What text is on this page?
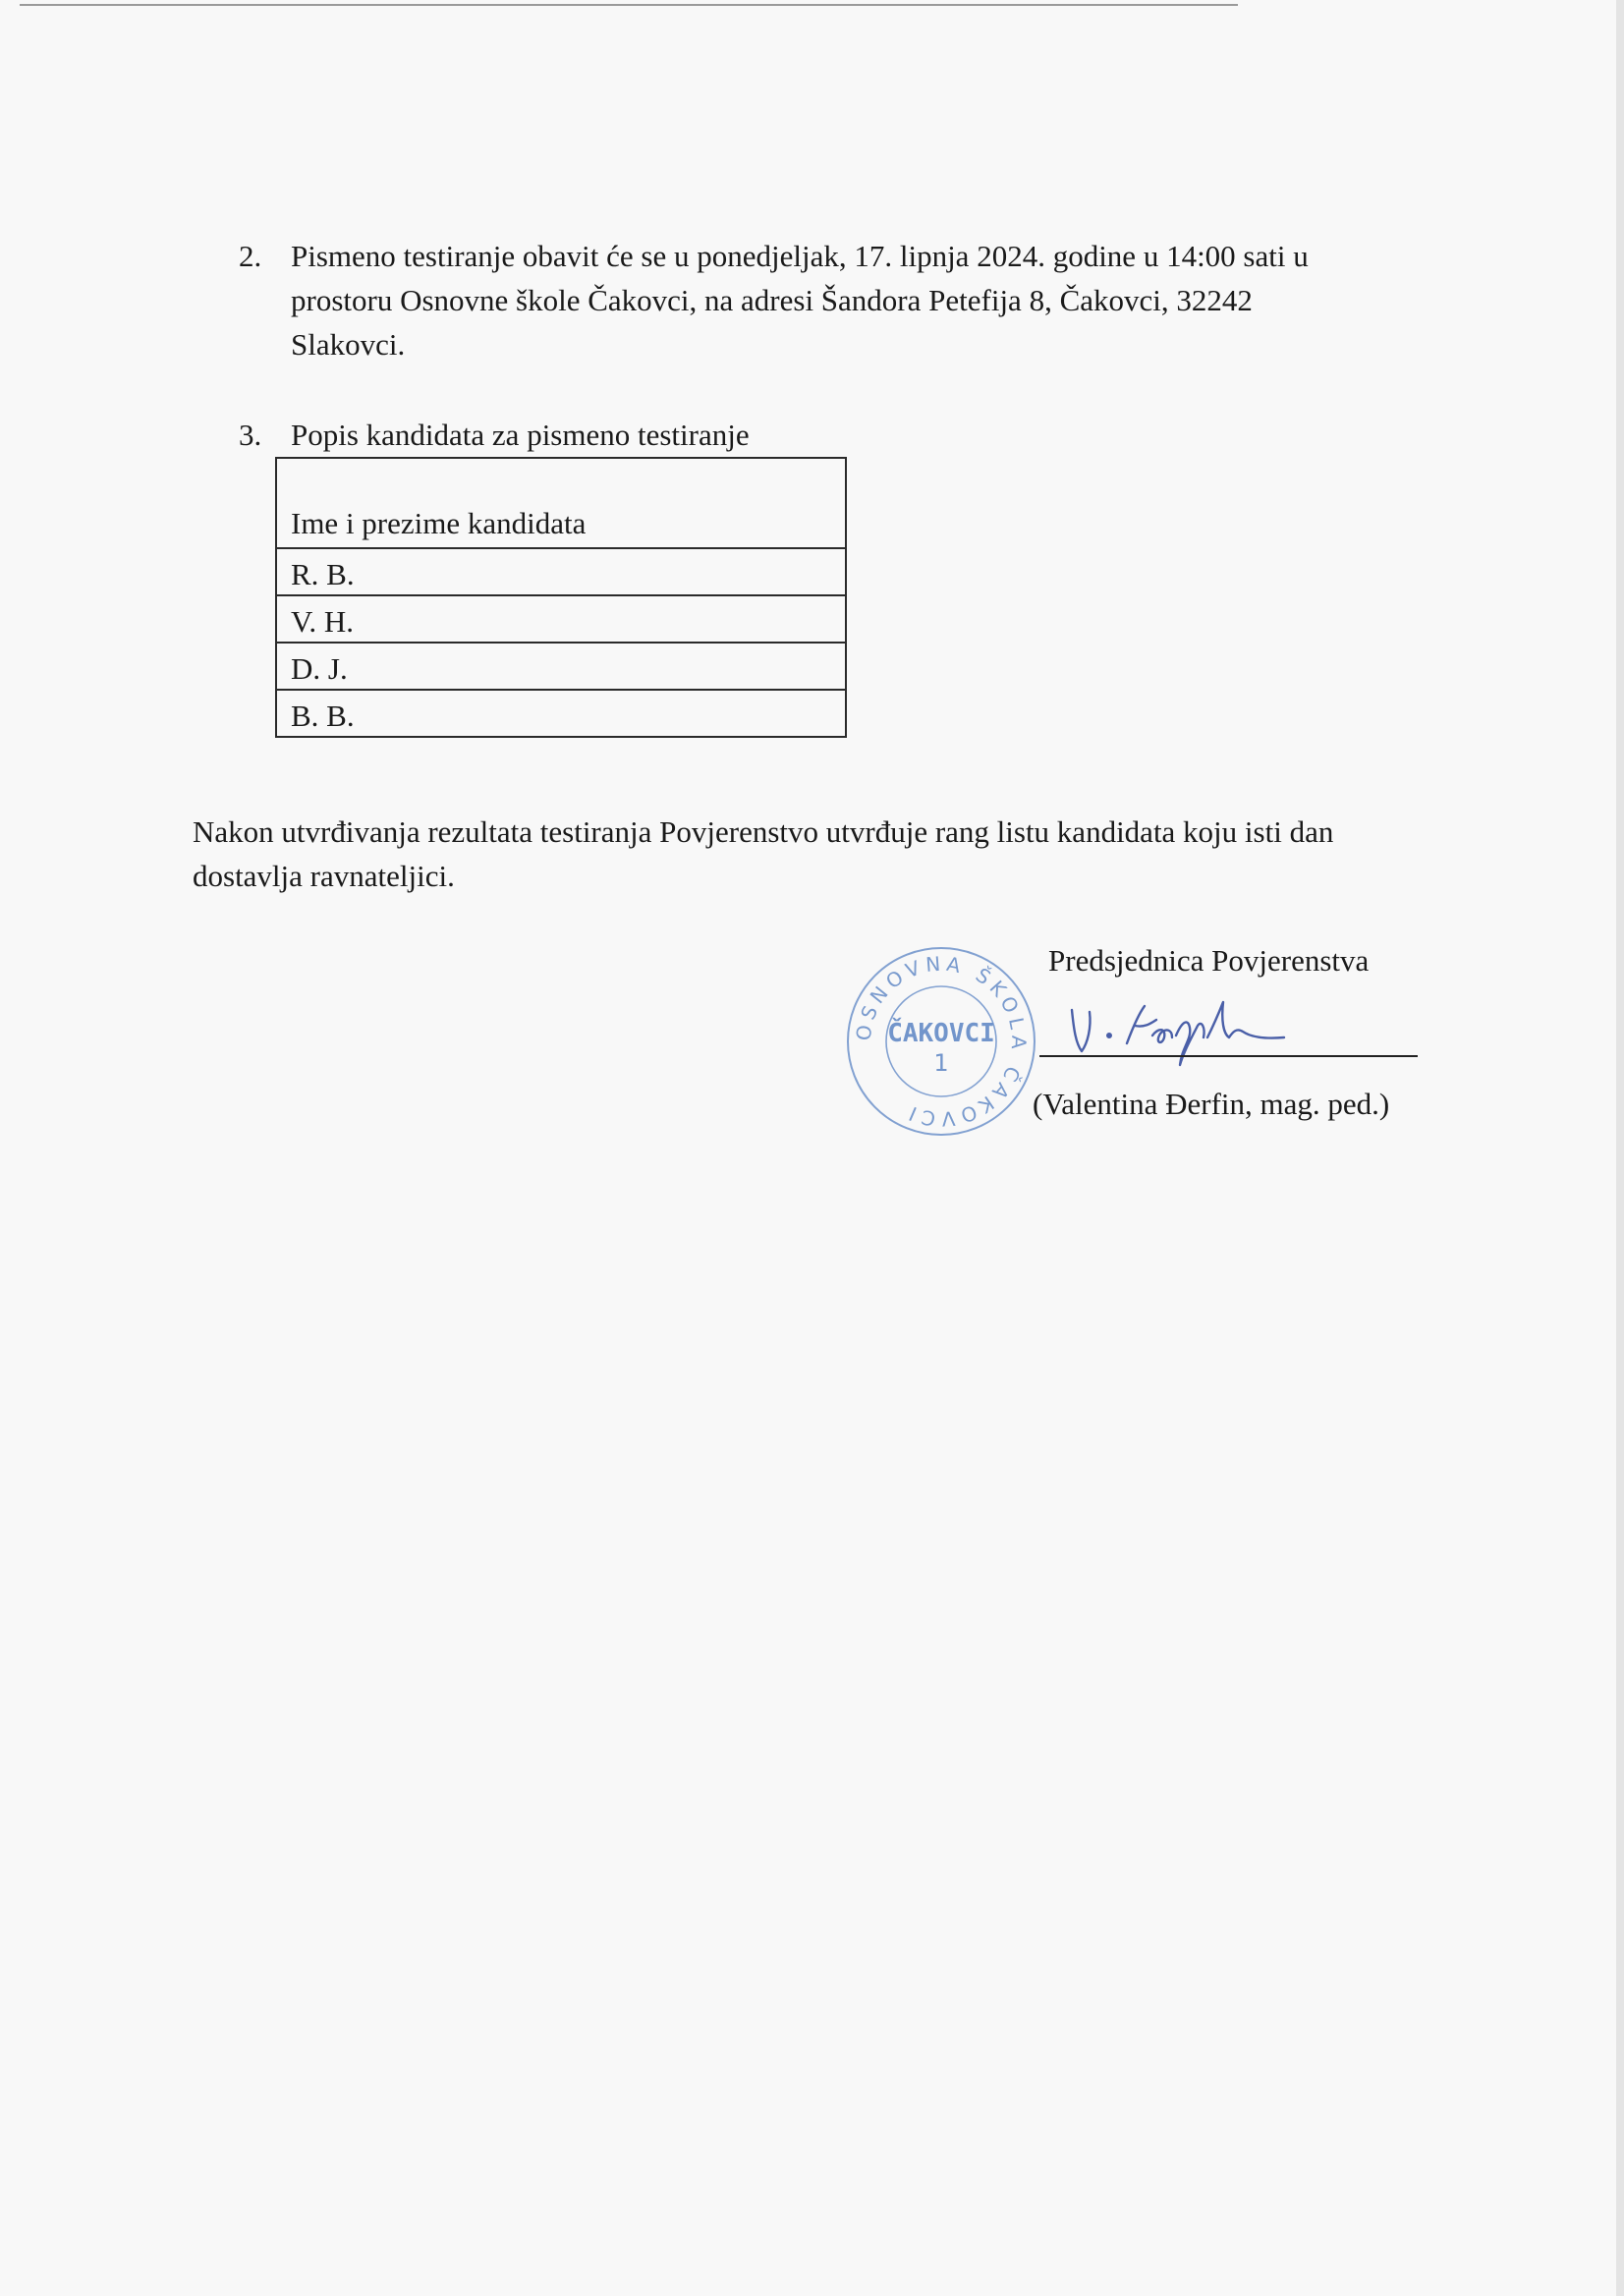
2. Pismeno testiranje obavit će se u ponedjeljak, 17. lipnja 2024. godine u 14:00 sati u
prostoru Osnovne škole Čakovci, na adresi Šandora Petefija 8, Čakovci, 32242
Slakovci.
3. Popis kandidata za pismeno testiranje
Ime i prezime kandidata
R. B.
V. H.
D. J.
B. B.
Nakon utvrđivanja rezultata testiranja Povjerenstvo utvrđuje rang listu kandidata koju isti dan
dostavlja ravnateljici.
Predsjednica Povjerenstva
(Valentina Đerfin, mag. ped.)
OSNOVNA ŠKOLA ČAKOVCI
ČAKOVCI
1
